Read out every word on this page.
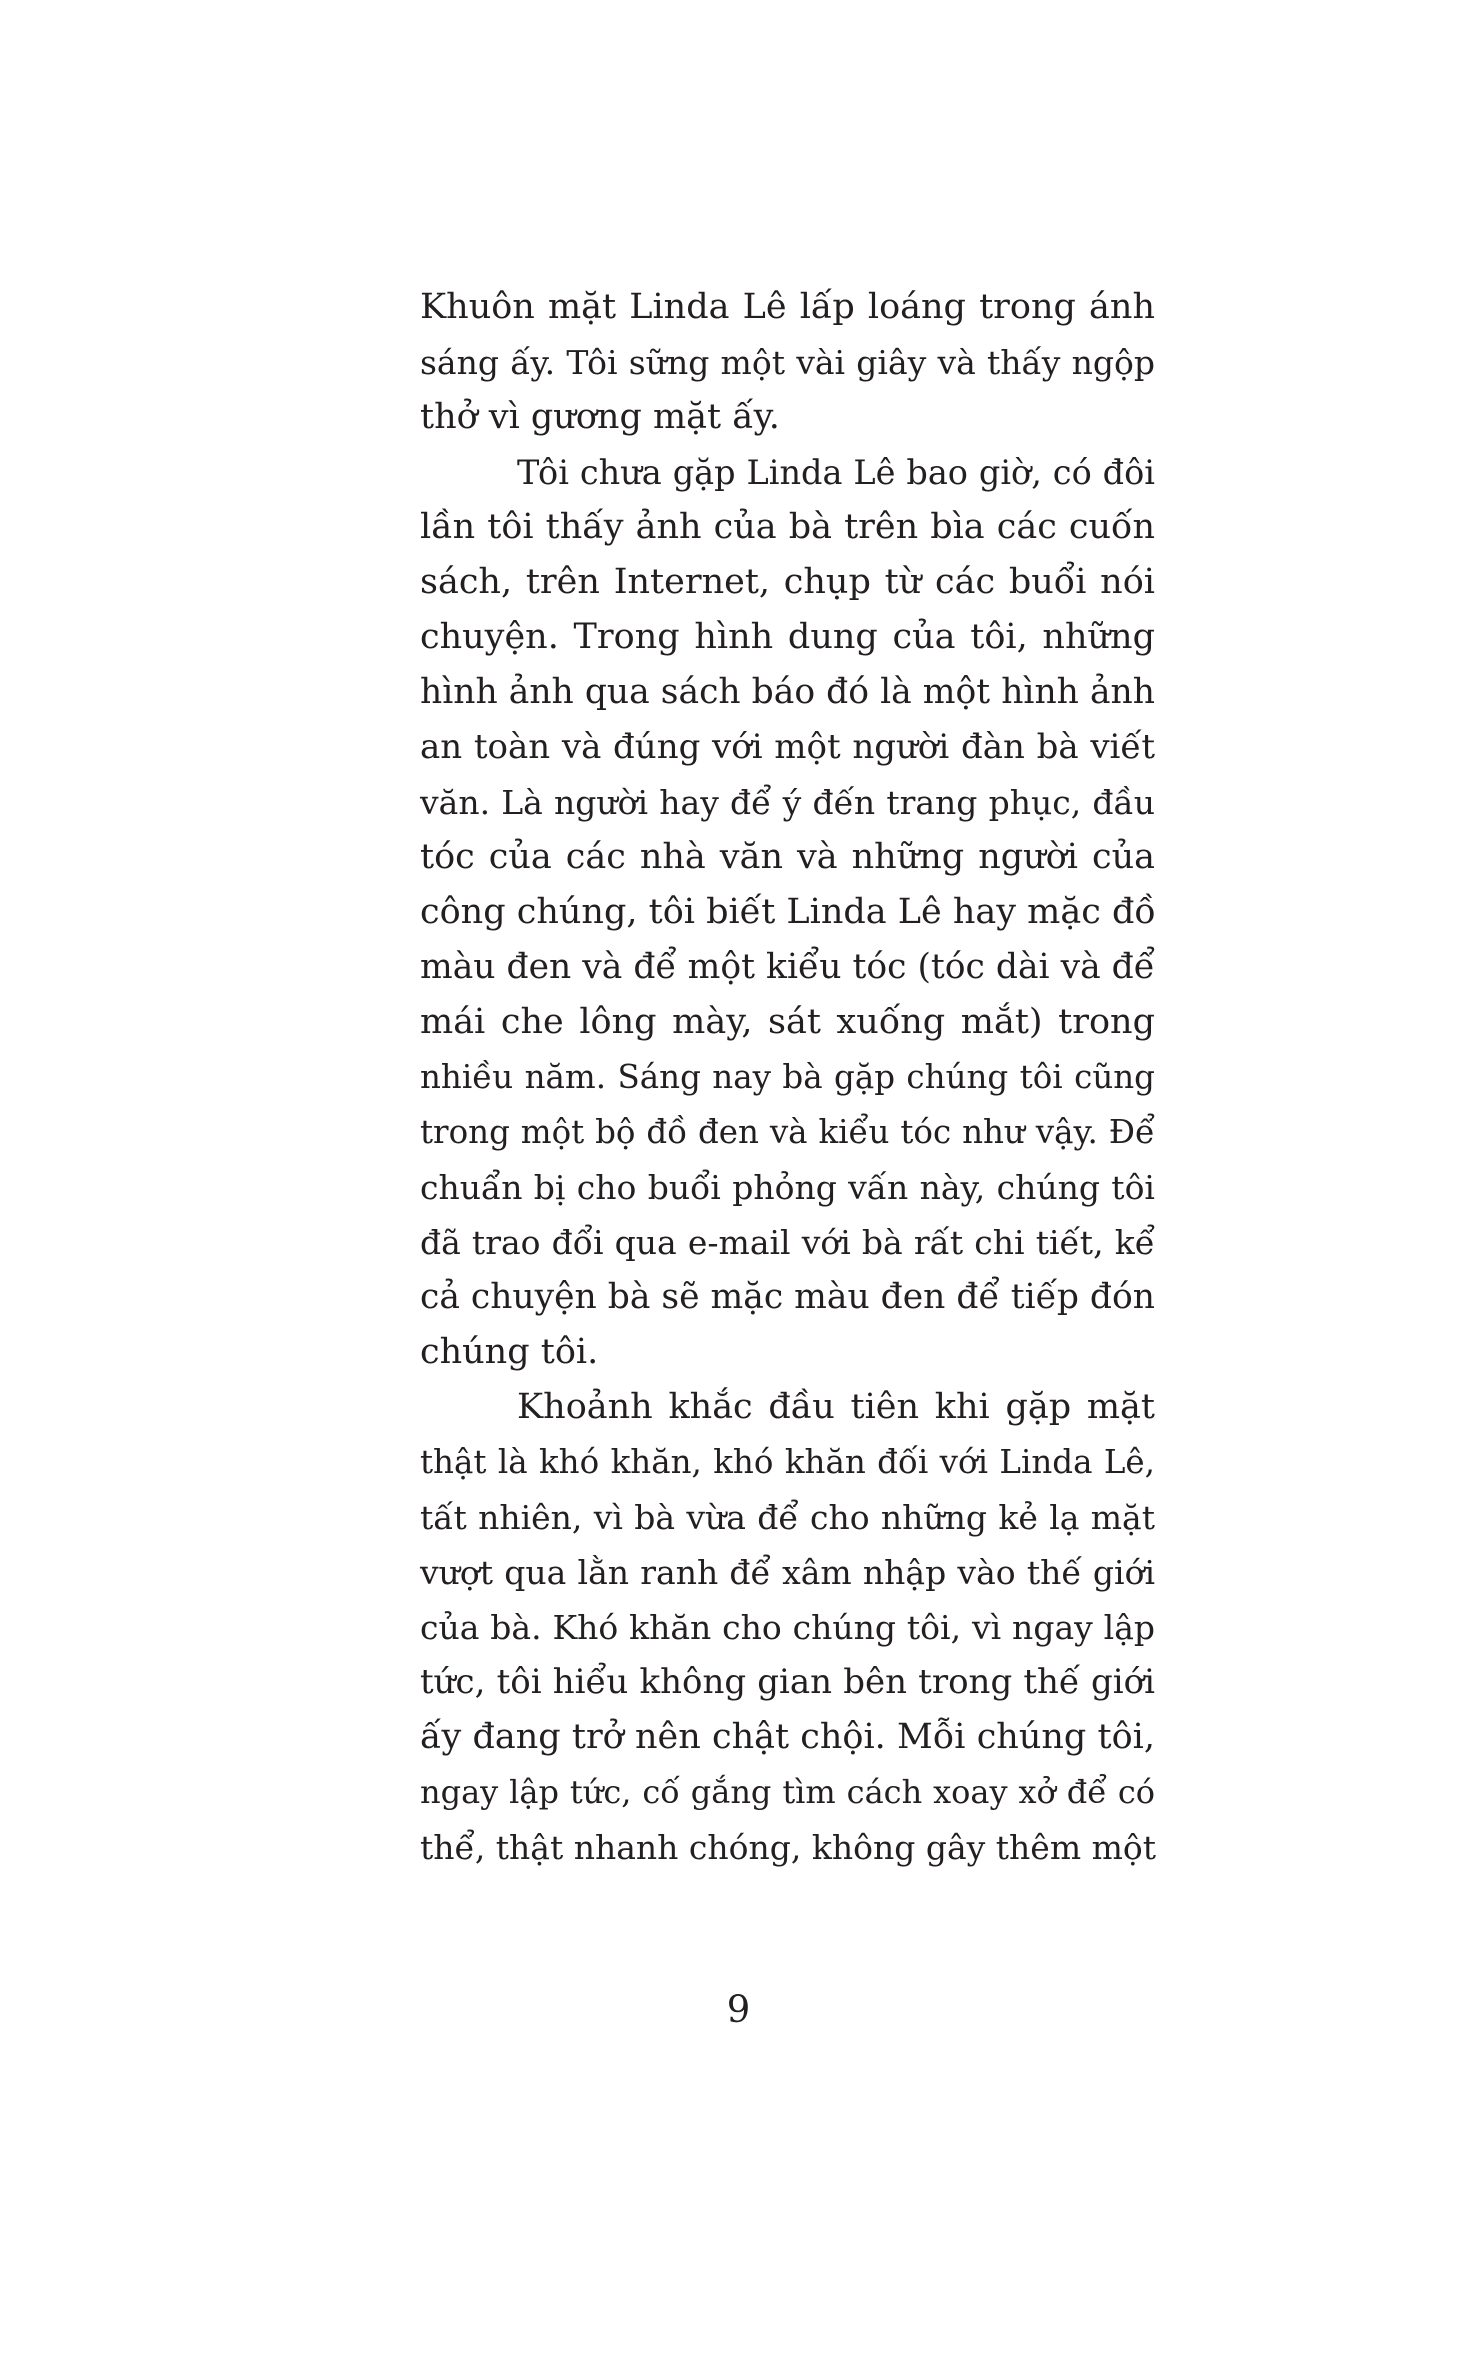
Khuôn mặt Linda Lê lấp loáng trong ánh
sáng ấy. Tôi sững một vài giây và thấy ngộp
thở vì gương mặt ấy.
Tôi chưa gặp Linda Lê bao giờ, có đôi
lần tôi thấy ảnh của bà trên bìa các cuốn
sách, trên Internet, chụp từ các buổi nói
chuyện. Trong hình dung của tôi, những
hình ảnh qua sách báo đó là một hình ảnh
an toàn và đúng với một người đàn bà viết
văn. Là người hay để ý đến trang phục, đầu
tóc của các nhà văn và những người của
công chúng, tôi biết Linda Lê hay mặc đồ
màu đen và để một kiểu tóc (tóc dài và để
mái che lông mày, sát xuống mắt) trong
nhiều năm. Sáng nay bà gặp chúng tôi cũng
trong một bộ đồ đen và kiểu tóc như vậy. Để
chuẩn bị cho buổi phỏng vấn này, chúng tôi
đã trao đổi qua e-mail với bà rất chi tiết, kể
cả chuyện bà sẽ mặc màu đen để tiếp đón
chúng tôi.
Khoảnh khắc đầu tiên khi gặp mặt
thật là khó khăn, khó khăn đối với Linda Lê,
tất nhiên, vì bà vừa để cho những kẻ lạ mặt
vượt qua lằn ranh để xâm nhập vào thế giới
của bà. Khó khăn cho chúng tôi, vì ngay lập
tức, tôi hiểu không gian bên trong thế giới
ấy đang trở nên chật chội. Mỗi chúng tôi,
ngay lập tức, cố gắng tìm cách xoay xở để có
thể, thật nhanh chóng, không gây thêm một
9
